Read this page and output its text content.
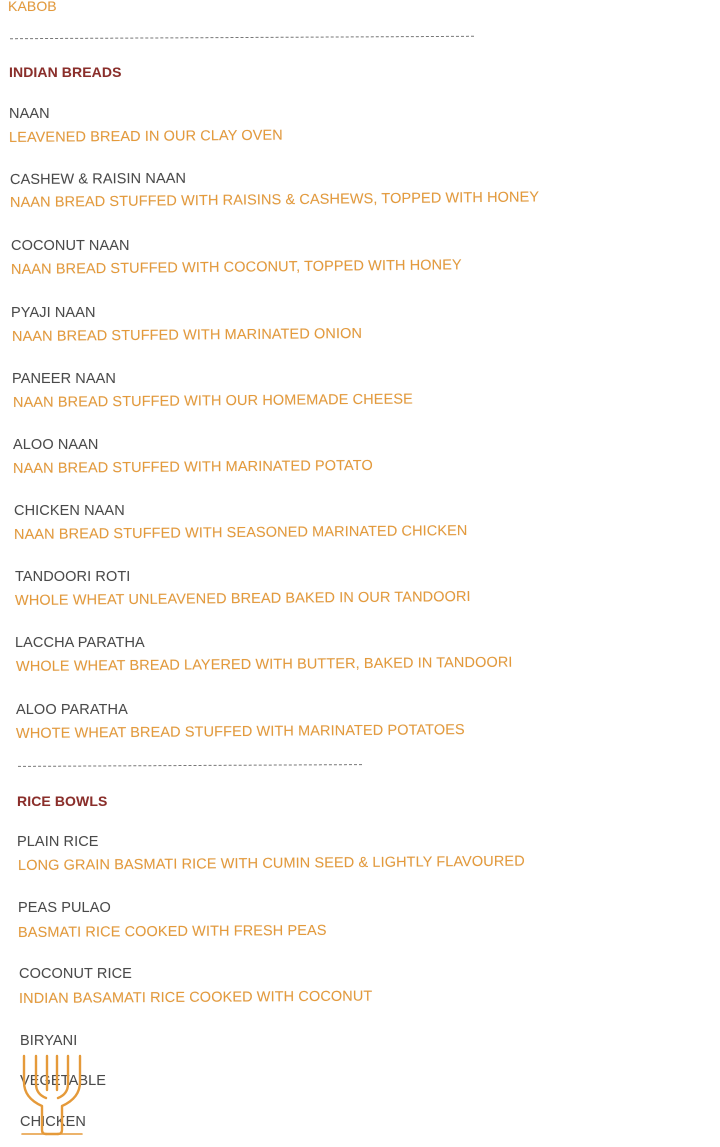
KABOB
INDIAN BREADS
NAAN
LEAVENED BREAD IN OUR CLAY OVEN
CASHEW & RAISIN NAAN
NAAN BREAD STUFFED WITH RAISINS & CASHEWS, TOPPED WITH HONEY
COCONUT NAAN
NAAN BREAD STUFFED WITH COCONUT, TOPPED WITH HONEY
PYAJI NAAN
NAAN BREAD STUFFED WITH MARINATED ONION
PANEER NAAN
NAAN BREAD STUFFED WITH OUR HOMEMADE CHEESE
ALOO NAAN
NAAN BREAD STUFFED WITH MARINATED POTATO
CHICKEN NAAN
NAAN BREAD STUFFED WITH SEASONED MARINATED CHICKEN
TANDOORI ROTI
WHOLE WHEAT UNLEAVENED BREAD BAKED IN OUR TANDOORI
LACCHA PARATHA
WHOLE WHEAT BREAD LAYERED WITH BUTTER, BAKED IN TANDOORI
ALOO PARATHA
WHOTE WHEAT BREAD STUFFED WITH MARINATED POTATOES
RICE BOWLS
PLAIN RICE
LONG GRAIN BASMATI RICE WITH CUMIN SEED & LIGHTLY FLAVOURED
PEAS PULAO
BASMATI RICE COOKED WITH FRESH PEAS
COCONUT RICE
INDIAN BASAMATI RICE COOKED WITH COCONUT
BIRYANI
VEGETABLE
CHICKEN
